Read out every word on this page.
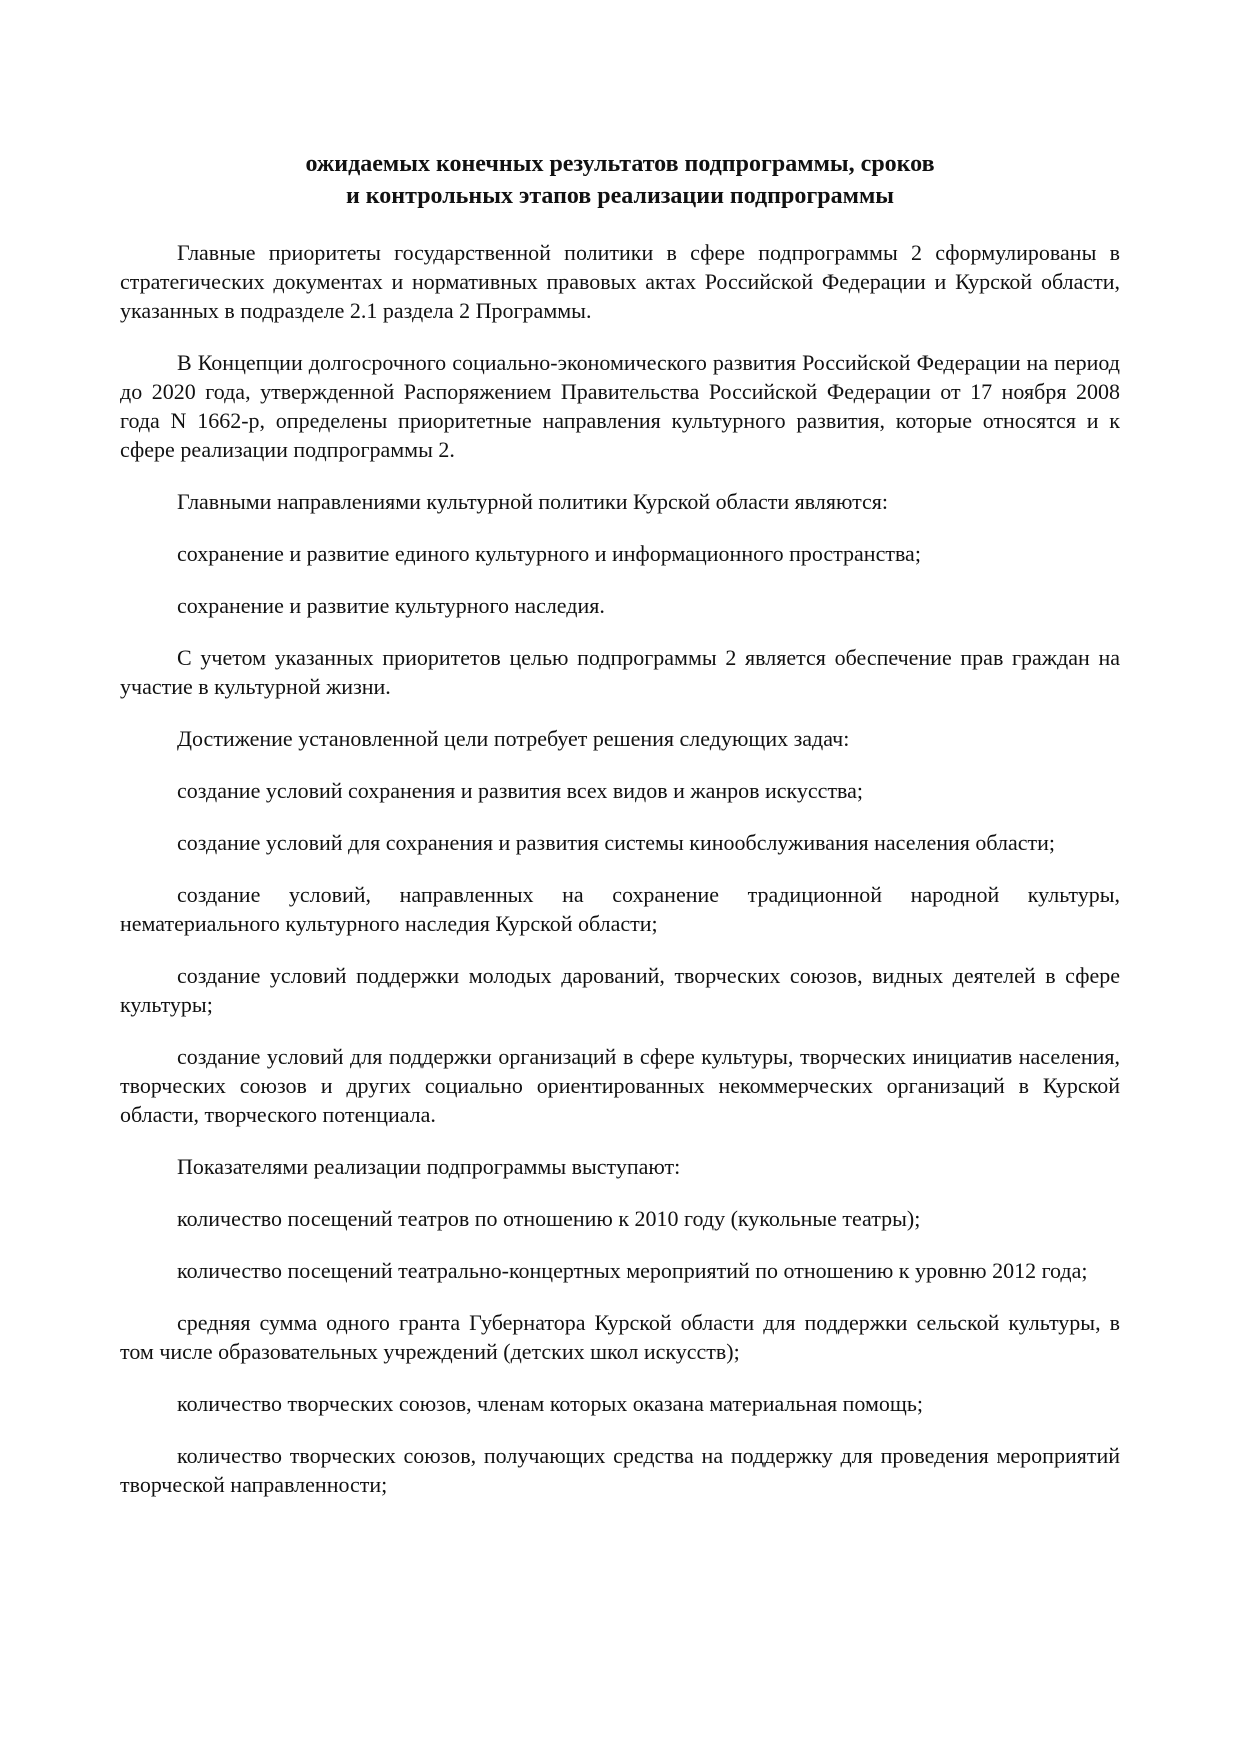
ожидаемых конечных результатов подпрограммы, сроков
и контрольных этапов реализации подпрограммы

Главные приоритеты государственной политики в сфере подпрограммы 2 сформулированы в стратегических документах и нормативных правовых актах Российской Федерации и Курской области, указанных в подразделе 2.1 раздела 2 Программы.

В Концепции долгосрочного социально-экономического развития Российской Федерации на период до 2020 года, утвержденной Распоряжением Правительства Российской Федерации от 17 ноября 2008 года N 1662-р, определены приоритетные направления культурного развития, которые относятся и к сфере реализации подпрограммы 2.

Главными направлениями культурной политики Курской области являются:

сохранение и развитие единого культурного и информационного пространства;

сохранение и развитие культурного наследия.

С учетом указанных приоритетов целью подпрограммы 2 является обеспечение прав граждан на участие в культурной жизни.

Достижение установленной цели потребует решения следующих задач:

создание условий сохранения и развития всех видов и жанров искусства;

создание условий для сохранения и развития системы кинообслуживания населения области;

создание условий, направленных на сохранение традиционной народной культуры, нематериального культурного наследия Курской области;

создание условий поддержки молодых дарований, творческих союзов, видных деятелей в сфере культуры;

создание условий для поддержки организаций в сфере культуры, творческих инициатив населения, творческих союзов и других социально ориентированных некоммерческих организаций в Курской области, творческого потенциала.

Показателями реализации подпрограммы выступают:

количество посещений театров по отношению к 2010 году (кукольные театры);

количество посещений театрально-концертных мероприятий по отношению к уровню 2012 года;

средняя сумма одного гранта Губернатора Курской области для поддержки сельской культуры, в том числе образовательных учреждений (детских школ искусств);

количество творческих союзов, членам которых оказана материальная помощь;

количество творческих союзов, получающих средства на поддержку для проведения мероприятий творческой направленности;
